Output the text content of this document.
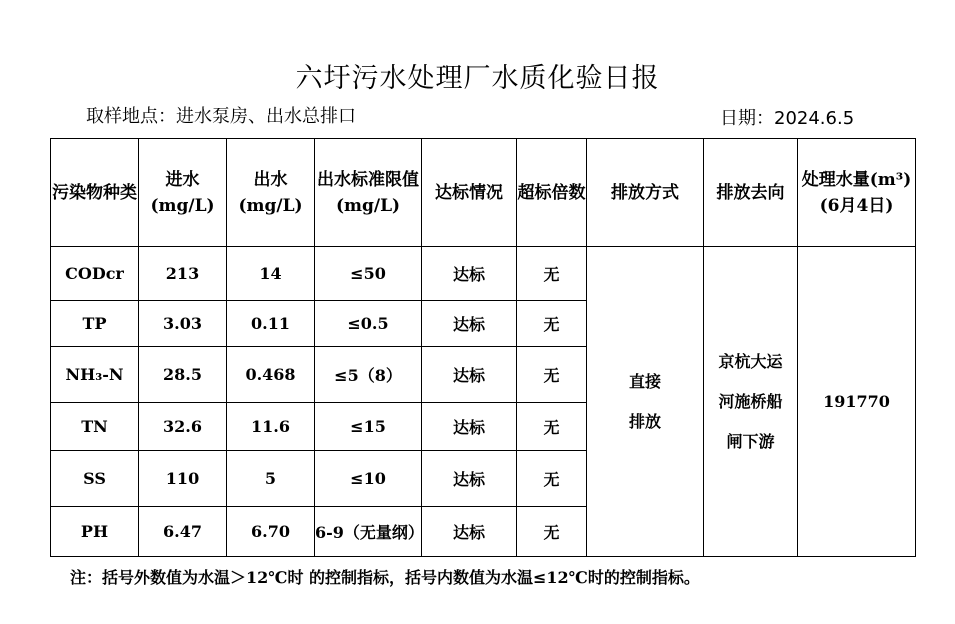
六圩污水处理厂水质化验日报
取样地点：进水泵房、出水总排口	日期：2024.6.5
污染物种类	进水(mg/L)	出水(mg/L)	出水标准限值(mg/L)	达标情况	超标倍数	排放方式	排放去向	处理水量(m³)(6月4日)
CODcr	213	14	≤50	达标	无	直接排放	京杭大运河施桥船闸下游	191770
TP	3.03	0.11	≤0.5	达标	无			
NH₃-N	28.5	0.468	≤5（8）	达标	无			
TN	32.6	11.6	≤15	达标	无			
SS	110	5	≤10	达标	无			
PH	6.47	6.70	6-9（无量纲）	达标	无			
注：括号外数值为水温＞12℃时 的控制指标，括号内数值为水温≤12℃时的控制指标。
